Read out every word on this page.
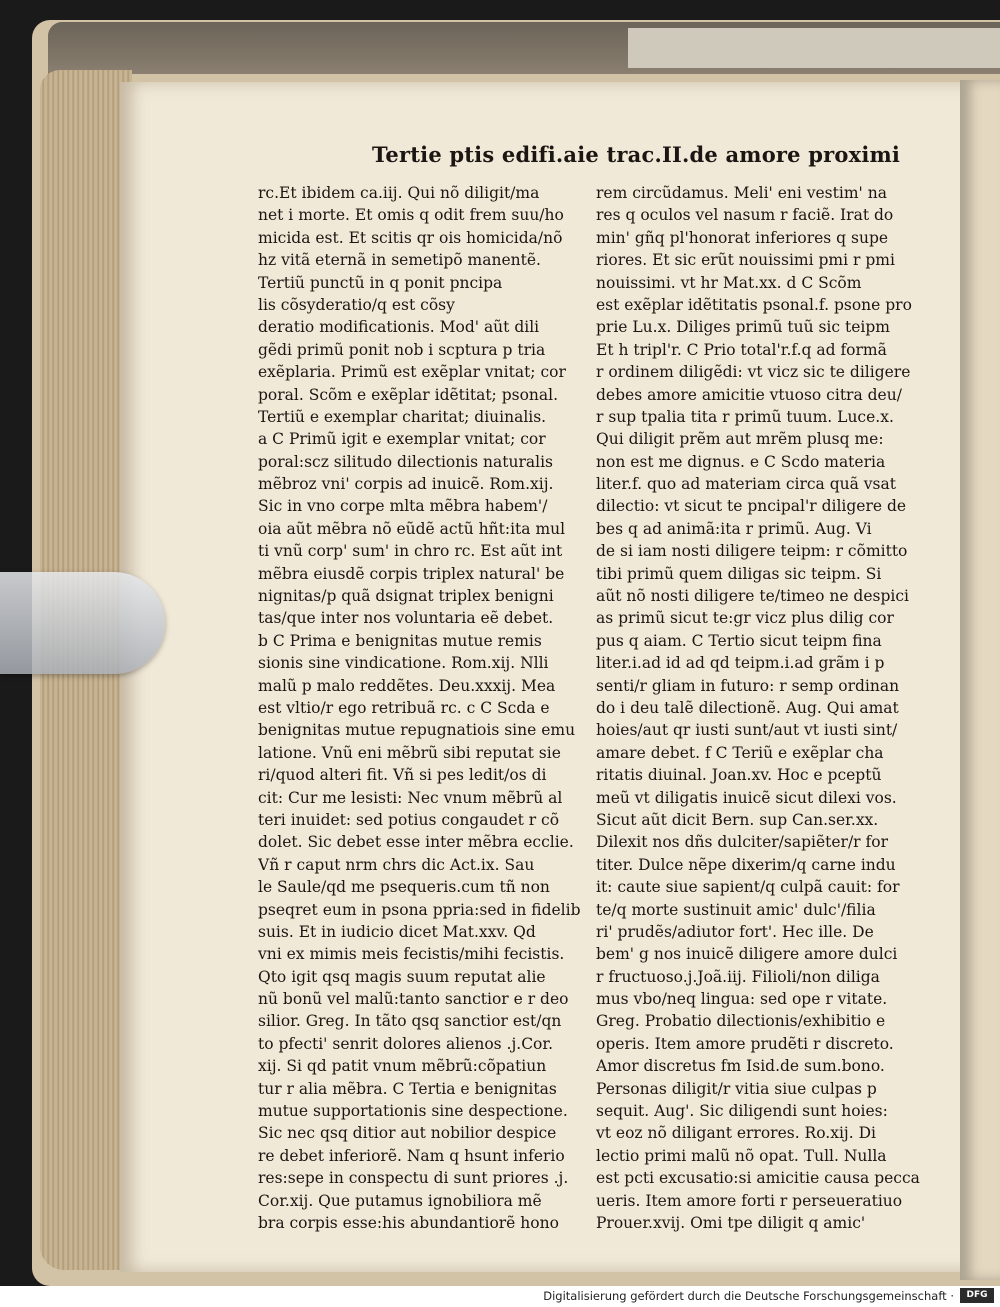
Tertie ptis edifi.aie trac.II.de amore proximi
rc.Et ibidem ca.iij. Qui nõ diligit/ma
net i morte. Et omis q odit frem suu/ho
micida est. Et scitis qr ois homicida/nõ
hz vitã eternã in semetipõ manentẽ.
Tertiũ punctũ in q ponit pncipa
lis cõsyderatio/q est cõsy
deratio modificationis. Mod' aũt dili
gẽdi primũ ponit nob i scptura p tria
exẽplaria. Primũ est exẽplar vnitat; cor
poral. Scõm e exẽplar idẽtitat; psonal.
Tertiũ e exemplar charitat; diuinalis.
a C Primũ igit e exemplar vnitat; cor
poral:scz silitudo dilectionis naturalis
mẽbroz vni' corpis ad inuicẽ. Rom.xij.
Sic in vno corpe mlta mẽbra habem'/
oia aũt mẽbra nõ eũdẽ actũ hñt:ita mul
ti vnũ corp' sum' in chro rc. Est aũt int
mẽbra eiusdẽ corpis triplex natural' be
nignitas/p quã dsignat triplex benigni
tas/que inter nos voluntaria eẽ debet.
b C Prima e benignitas mutue remis
sionis sine vindicatione. Rom.xij. Nlli
malũ p malo reddẽtes. Deu.xxxij. Mea
est vltio/r ego retribuã rc. c C Scda e
benignitas mutue repugnatiois sine emu
latione. Vnũ eni mẽbrũ sibi reputat sie
ri/quod alteri fit. Vñ si pes ledit/os di
cit: Cur me lesisti: Nec vnum mẽbrũ al
teri inuidet: sed potius congaudet r cõ
dolet. Sic debet esse inter mẽbra ecclie.
Vñ r caput nrm chrs dic Act.ix. Sau
le Saule/qd me psequeris.cum tñ non
pseqret eum in psona ppria:sed in fidelib
suis. Et in iudicio dicet Mat.xxv. Qd
vni ex mimis meis fecistis/mihi fecistis.
Qto igit qsq magis suum reputat alie
nũ bonũ vel malũ:tanto sanctior e r deo
silior. Greg. In tãto qsq sanctior est/qn
to pfecti' senrit dolores alienos .j.Cor.
xij. Si qd patit vnum mẽbrũ:cõpatiun
tur r alia mẽbra. C Tertia e benignitas
mutue supportationis sine despectione.
Sic nec qsq ditior aut nobilior despice
re debet inferiorẽ. Nam q hsunt inferio
res:sepe in conspectu di sunt priores .j.
Cor.xij. Que putamus ignobiliora mẽ
bra corpis esse:his abundantiorẽ hono
rem circũdamus. Meli' eni vestim' na
res q oculos vel nasum r faciẽ. Irat do
min' gñq pl'honorat inferiores q supe
riores. Et sic erũt nouissimi pmi r pmi
nouissimi. vt hr Mat.xx. d C Scõm
est exẽplar idẽtitatis psonal.f. psone pro
prie Lu.x. Diliges primũ tuũ sic teipm
Et h tripl'r. C Prio total'r.f.q ad formã
r ordinem diligẽdi: vt vicz sic te diligere
debes amore amicitie vtuoso citra deu/
r sup tpalia tita r primũ tuum. Luce.x.
Qui diligit prẽm aut mrẽm plusq me:
non est me dignus. e C Scdo materia
liter.f. quo ad materiam circa quã vsat
dilectio: vt sicut te pncipal'r diligere de
bes q ad animã:ita r primũ. Aug. Vi
de si iam nosti diligere teipm: r cõmitto
tibi primũ quem diligas sic teipm. Si
aũt nõ nosti diligere te/timeo ne despici
as primũ sicut te:gr vicz plus dilig cor
pus q aiam. C Tertio sicut teipm fina
liter.i.ad id ad qd teipm.i.ad grãm i p
senti/r gliam in futuro: r semp ordinan
do i deu talẽ dilectionẽ. Aug. Qui amat
hoies/aut qr iusti sunt/aut vt iusti sint/
amare debet. f C Teriũ e exẽplar cha
ritatis diuinal. Joan.xv. Hoc e pceptũ
meũ vt diligatis inuicẽ sicut dilexi vos.
Sicut aũt dicit Bern. sup Can.ser.xx.
Dilexit nos dñs dulciter/sapiẽter/r for
titer. Dulce nẽpe dixerim/q carne indu
it: caute siue sapient/q culpã cauit: for
te/q morte sustinuit amic' dulc'/filia
ri' prudẽs/adiutor fort'. Hec ille. De
bem' g nos inuicẽ diligere amore dulci
r fructuoso.j.Joã.iij. Filioli/non diliga
mus vbo/neq lingua: sed ope r vitate.
Greg. Probatio dilectionis/exhibitio e
operis. Item amore prudẽti r discreto.
Amor discretus fm Isid.de sum.bono.
Personas diligit/r vitia siue culpas p
sequit. Aug'. Sic diligendi sunt hoies:
vt eoz nõ diligant errores. Ro.xij. Di
lectio primi malũ nõ opat. Tull. Nulla
est pcti excusatio:si amicitie causa pecca
ueris. Item amore forti r perseueratiuo
Prouer.xvij. Omi tpe diligit q amic'
Digitalisierung gefördert durch die Deutsche Forschungsgemeinschaft ·	DFG
